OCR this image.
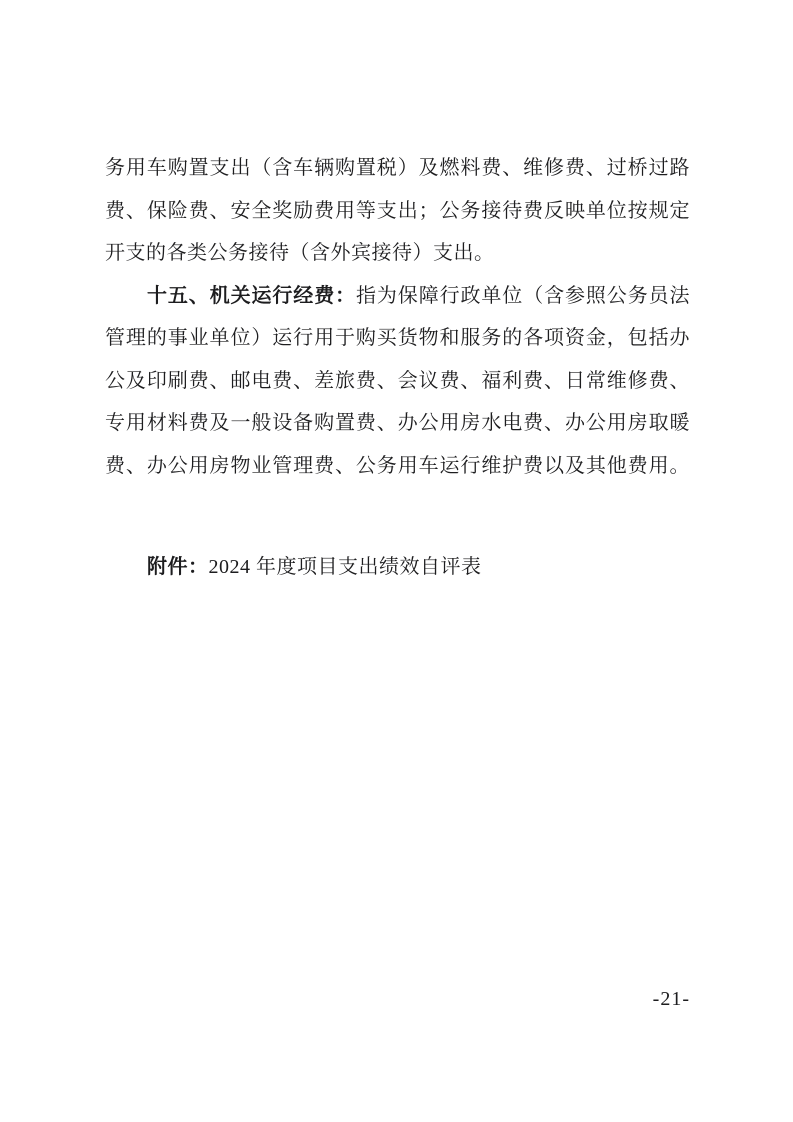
务用车购置支出（含车辆购置税）及燃料费、维修费、过桥过路
费、保险费、安全奖励费用等支出；公务接待费反映单位按规定
开支的各类公务接待（含外宾接待）支出。
十五、机关运行经费：指为保障行政单位（含参照公务员法
管理的事业单位）运行用于购买货物和服务的各项资金，包括办
公及印刷费、邮电费、差旅费、会议费、福利费、日常维修费、
专用材料费及一般设备购置费、办公用房水电费、办公用房取暖
费、办公用房物业管理费、公务用车运行维护费以及其他费用。
附件：2024 年度项目支出绩效自评表
-21-
